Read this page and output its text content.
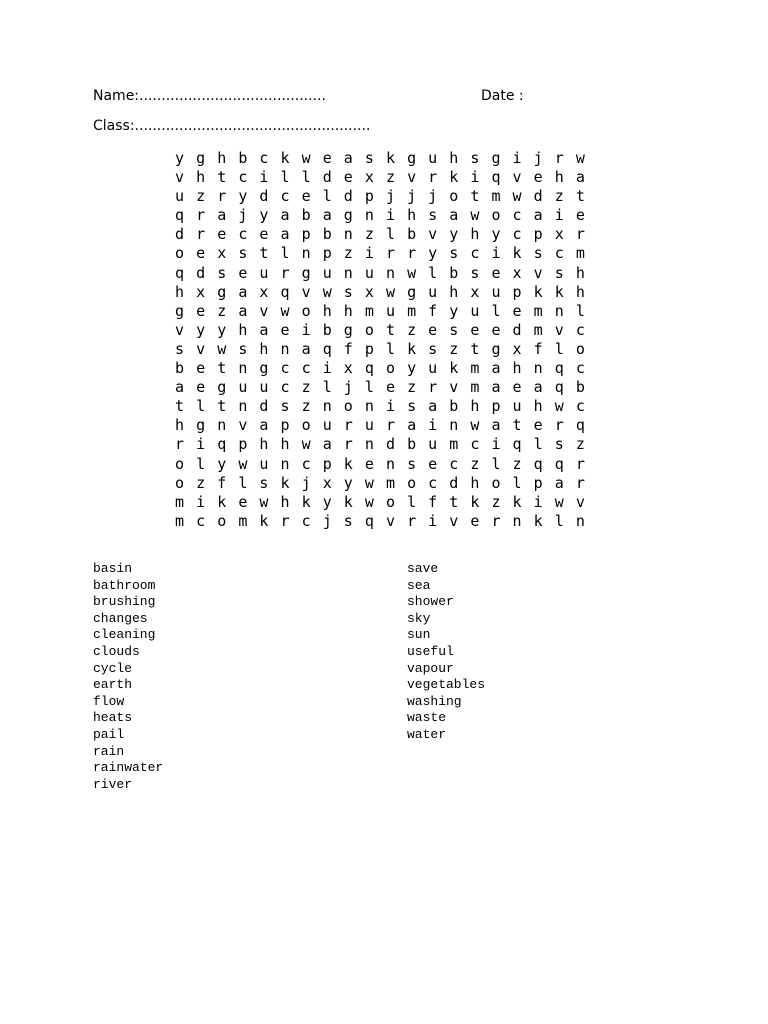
Name:..........................................	Date :
Class:.....................................................
y g h b c k w e a s k g u h s g i j r w
v h t c i l l d e x z v r k i q v e h a
u z r y d c e l d p j j j o t m w d z t
q r a j y a b a g n i h s a w o c a i e
d r e c e a p b n z l b v y h y c p x r
o e x s t l n p z i r r y s c i k s c m
q d s e u r g u n u n w l b s e x v s h
h x g a x q v w s x w g u h x u p k k h
g e z a v w o h h m u m f y u l e m n l
v y y h a e i b g o t z e s e e d m v c
s v w s h n a q f p l k s z t g x f l o
b e t n g c c i x q o y u k m a h n q c
a e g u u c z l j l e z r v m a e a q b
t l t n d s z n o n i s a b h p u h w c
h g n v a p o u r u r a i n w a t e r q
r i q p h h w a r n d b u m c i q l s z
o l y w u n c p k e n s e c z l z q q r
o z f l s k j x y w m o c d h o l p a r
m i k e w h k y k w o l f t k z k i w v
m c o m k r c j s q v r i v e r n k l n
basin
bathroom
brushing
changes
cleaning
clouds
cycle
earth
flow
heats
pail
rain
rainwater
river
save
sea
shower
sky
sun
useful
vapour
vegetables
washing
waste
water
